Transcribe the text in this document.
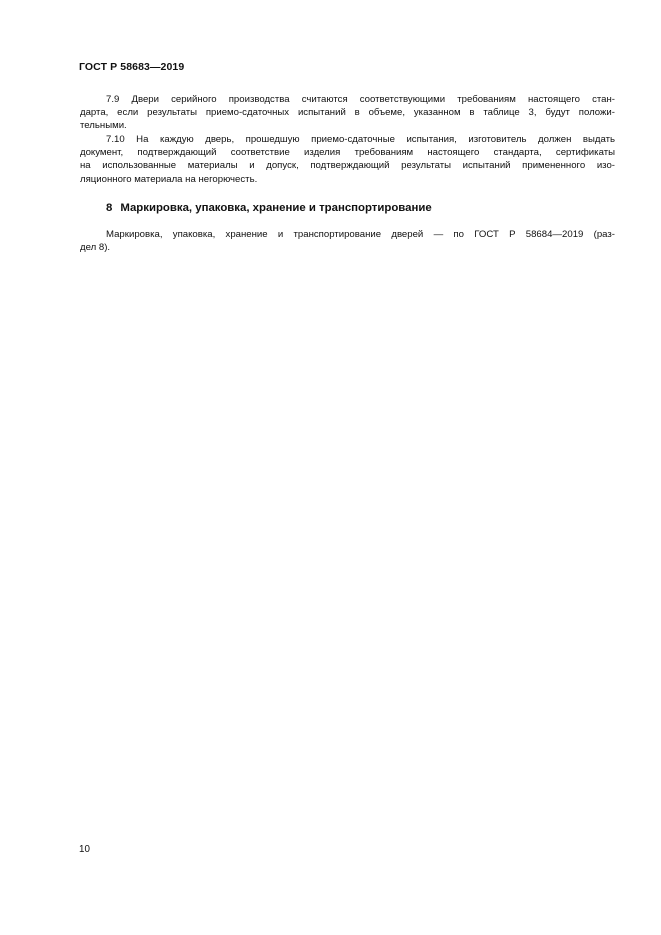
ГОСТ Р 58683—2019
7.9 Двери серийного производства считаются соответствующими требованиям настоящего стан-
дарта, если результаты приемо-сдаточных испытаний в объеме, указанном в таблице 3, будут положи-
тельными.
7.10 На каждую дверь, прошедшую приемо-сдаточные испытания, изготовитель должен выдать
документ, подтверждающий соответствие изделия требованиям настоящего стандарта, сертификаты
на использованные материалы и допуск, подтверждающий результаты испытаний примененного изо-
ляционного материала на негорючесть.
8 Маркировка, упаковка, хранение и транспортирование
Маркировка, упаковка, хранение и транспортирование дверей — по ГОСТ Р 58684—2019 (раз-
дел 8).
10
